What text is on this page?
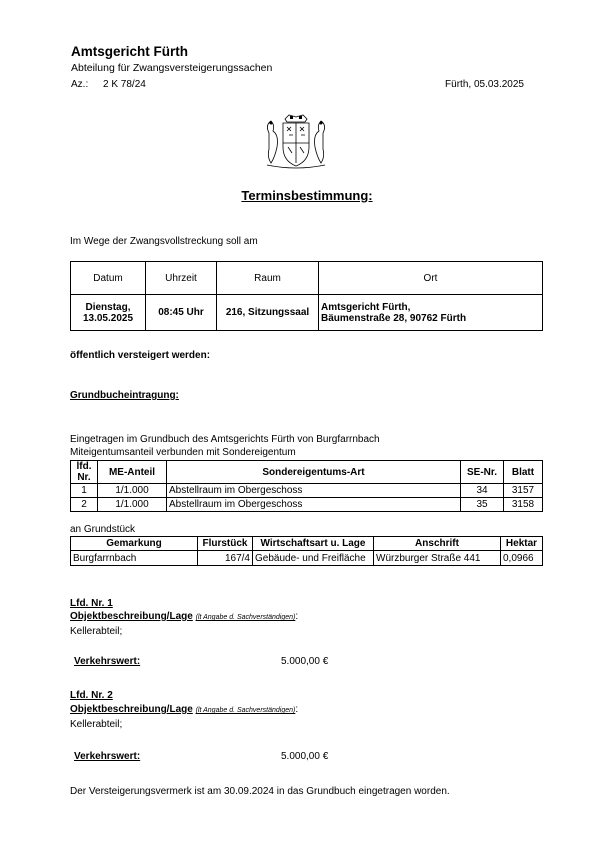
Amtsgericht Fürth
Abteilung für Zwangsversteigerungssachen
Az.: 2 K 78/24	Fürth, 05.03.2025
Terminsbestimmung:
Im Wege der Zwangsvollstreckung soll am
Datum	Uhrzeit	Raum	Ort
Dienstag,
13.05.2025	08:45 Uhr	216, Sitzungssaal	Amtsgericht Fürth,
Bäumenstraße 28, 90762 Fürth
öffentlich versteigert werden:
Grundbucheintragung:
Eingetragen im Grundbuch des Amtsgerichts Fürth von Burgfarrnbach
Miteigentumsanteil verbunden mit Sondereigentum
lfd.
Nr.	ME-Anteil	Sondereigentums-Art	SE-Nr.	Blatt
1	1/1.000	Abstellraum im Obergeschoss	34	3157
2	1/1.000	Abstellraum im Obergeschoss	35	3158
an Grundstück
Gemarkung	Flurstück	Wirtschaftsart u. Lage	Anschrift	Hektar
Burgfarrnbach	167/4	Gebäude- und Freifläche	Würzburger Straße 441	0,0966
Lfd. Nr. 1
Objektbeschreibung/Lage (lt Angabe d. Sachverständigen):
Kellerabteil;
Verkehrswert:	5.000,00 €
Lfd. Nr. 2
Objektbeschreibung/Lage (lt Angabe d. Sachverständigen):
Kellerabteil;
Verkehrswert:	5.000,00 €
Der Versteigerungsvermerk ist am 30.09.2024 in das Grundbuch eingetragen worden.
